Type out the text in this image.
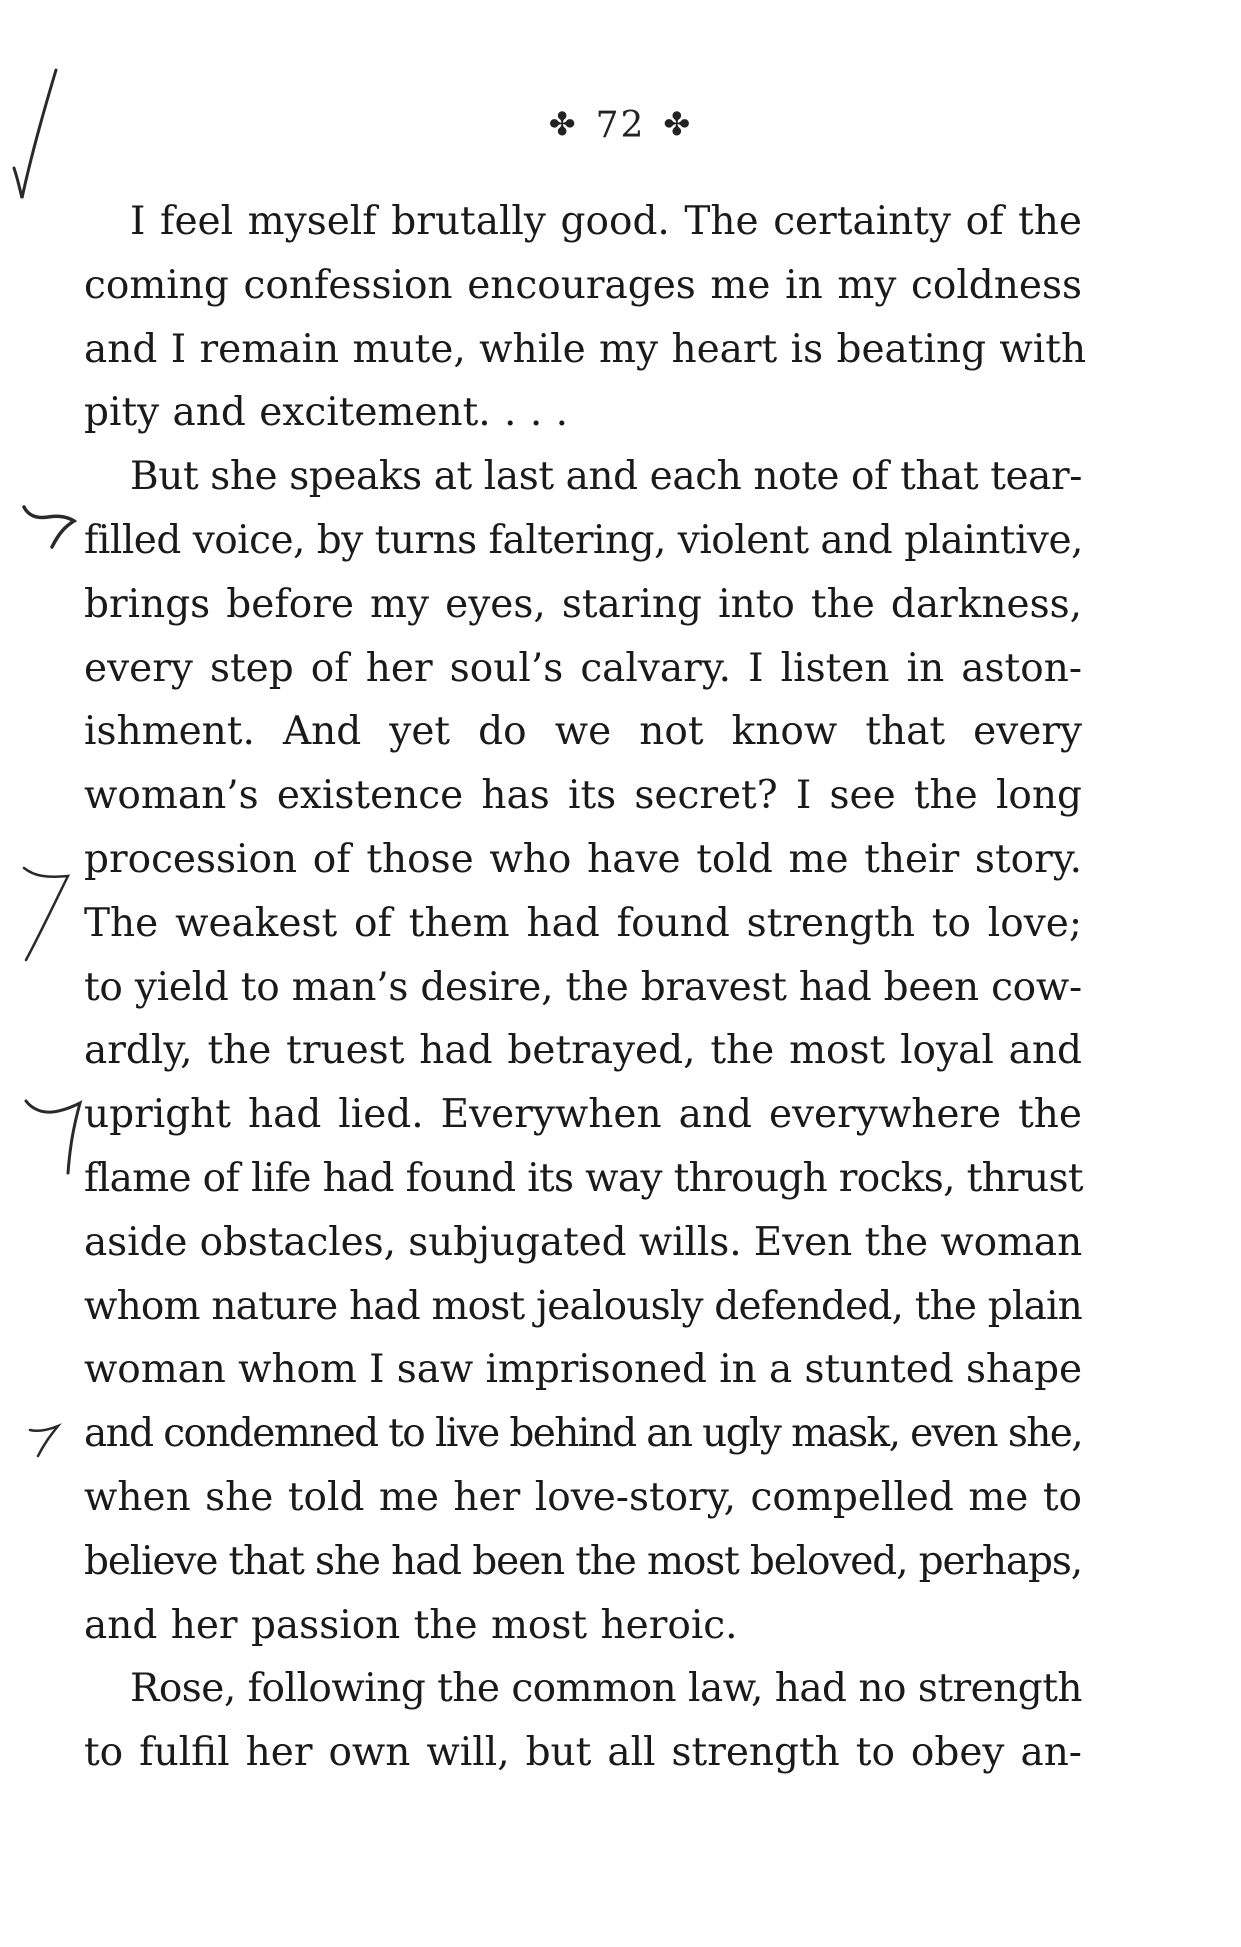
✤ 72 ✤
I feel myself brutally good. The certainty of the
coming confession encourages me in my coldness
and I remain mute, while my heart is beating with
pity and excitement. . . .
But she speaks at last and each note of that tear-
filled voice, by turns faltering, violent and plaintive,
brings before my eyes, staring into the darkness,
every step of her soul’s calvary. I listen in aston-
ishment. And yet do we not know that every
woman’s existence has its secret? I see the long
procession of those who have told me their story.
The weakest of them had found strength to love;
to yield to man’s desire, the bravest had been cow-
ardly, the truest had betrayed, the most loyal and
upright had lied. Everywhen and everywhere the
flame of life had found its way through rocks, thrust
aside obstacles, subjugated wills. Even the woman
whom nature had most jealously defended, the plain
woman whom I saw imprisoned in a stunted shape
and condemned to live behind an ugly mask, even she,
when she told me her love-story, compelled me to
believe that she had been the most beloved, perhaps,
and her passion the most heroic.
Rose, following the common law, had no strength
to fulfil her own will, but all strength to obey an-
